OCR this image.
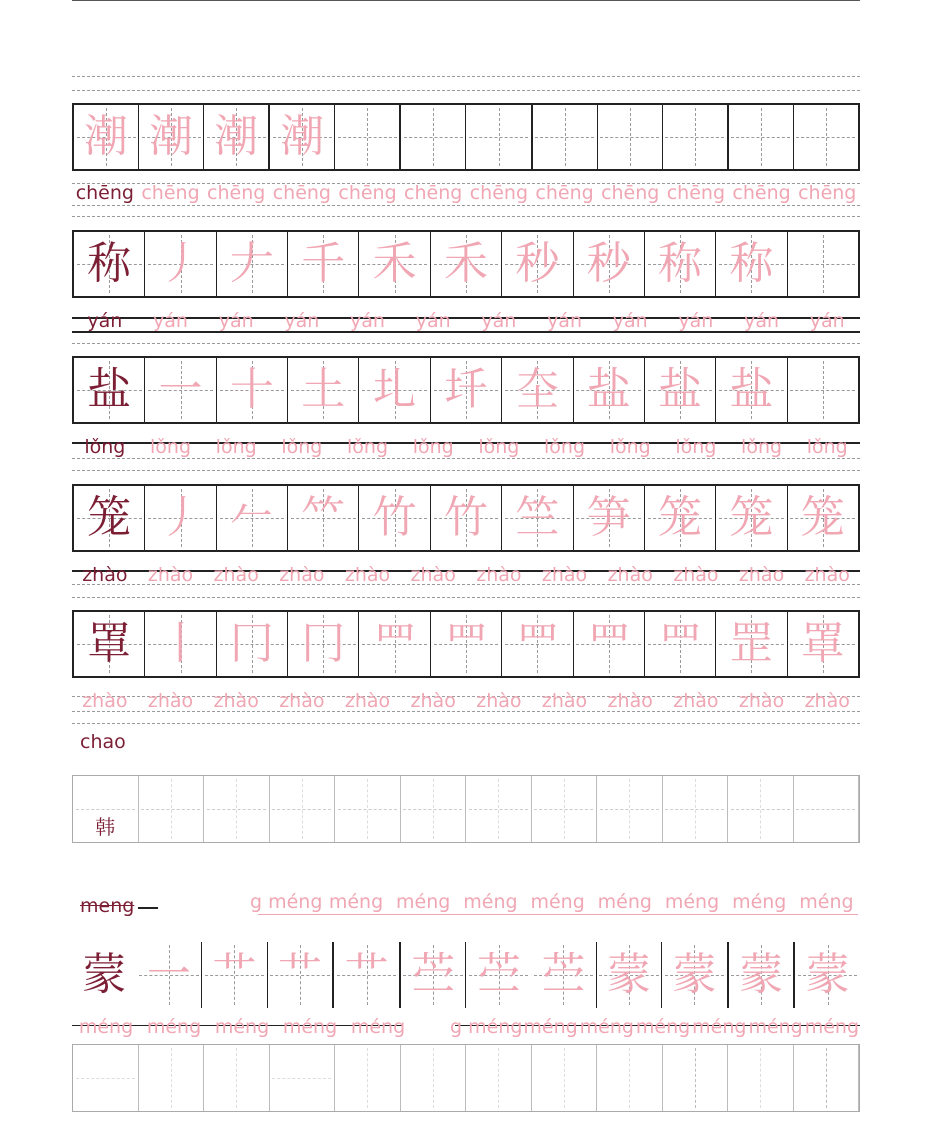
潮 潮 潮 潮
chēng chēng chēng chēng chēng chēng chēng chēng chēng chēng chēng chēng
称 丿 𠂇 千 禾 禾 秒 秒 称 称
yán	yán	yán	yán	yán	yán	yán	yán	yán	yán	yán	yán
盐 一 十 土 圠 圲 圶 盐 盐 盐
lǒng	lǒng	lǒng	lǒng	lǒng	lǒng	lǒng	lǒng	lǒng	lǒng	lǒng	lǒng
笼 丿 𠂉 𥫗 竹 竹 竺 笋 笼 笼 笼
zhào	zhào	zhào	zhào	zhào	zhào	zhào	zhào	zhào	zhào	zhào	zhào
罩 丨 冂 冂 罒 罒 罒 罒 罒 罡 罩
zhào	zhào	zhào	zhào	zhào	zhào	zhào	zhào	zhào	zhào	zhào	zhào
chao
韩
meng	g méng méng méng méng méng méng méng méng méng
蒙 一 艹 艹 艹 苎 苎 苎 蒙 蒙 蒙 蒙
méng méng méng méng méng	g méng méng méng méng méng méng méng
